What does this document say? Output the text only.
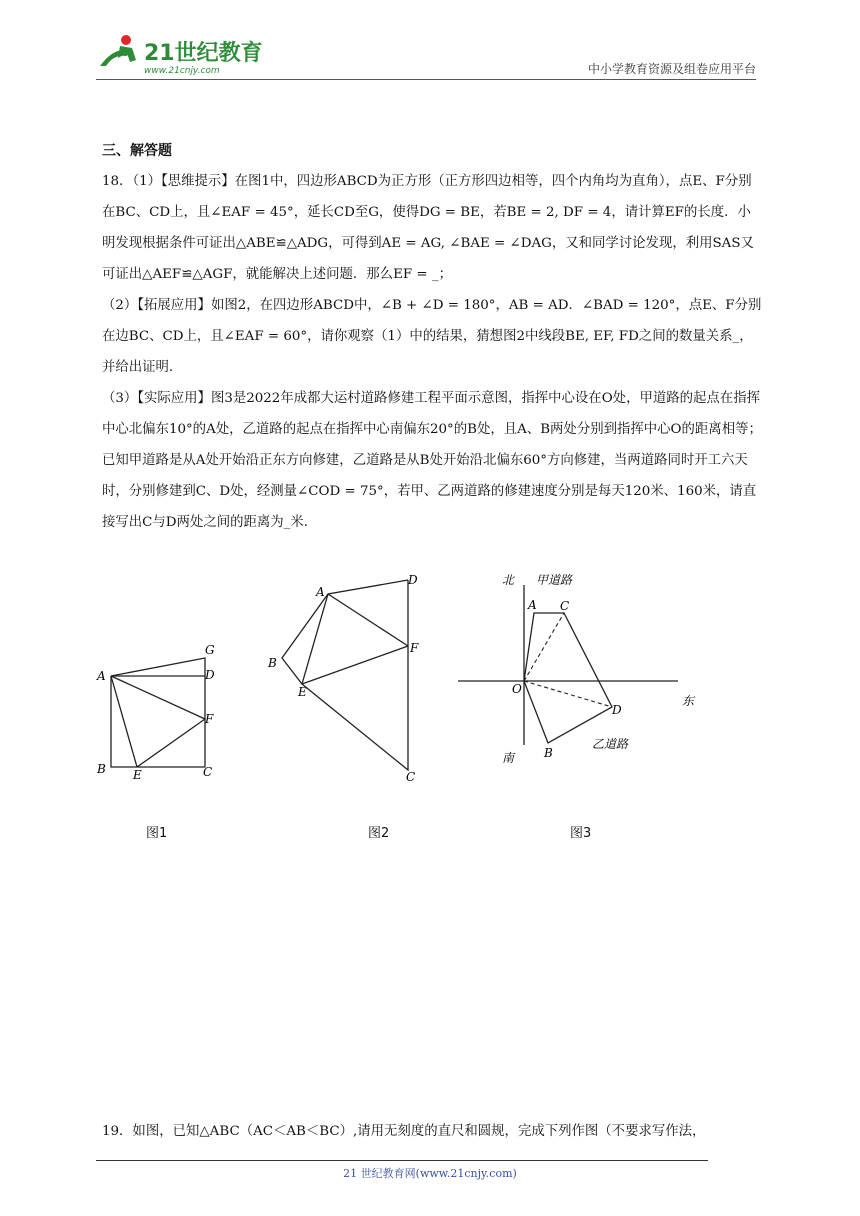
21世纪教育
www.21cnjy.com	中小学教育资源及组卷应用平台
三、解答题

18．（1）【思维提示】在图1中，四边形ABCD为正方形（正方形四边相等，四个内角均为直角），点E、F分别在BC、CD上，且∠EAF = 45°，延长CD至G，使得DG = BE，若BE = 2, DF = 4，请计算EF的长度．小明发现根据条件可证出△ABE≌△ADG，可得到AE = AG, ∠BAE = ∠DAG，又和同学讨论发现，利用SAS又可证出△AEF≌△AGF，就能解决上述问题．那么EF = _；

（2）【拓展应用】如图2，在四边形ABCD中，∠B + ∠D = 180°，AB = AD．∠BAD = 120°，点E、F分别在边BC、CD上，且∠EAF = 60°，请你观察（1）中的结果，猜想图2中线段BE, EF, FD之间的数量关系_，并给出证明．

（3）【实际应用】图3是2022年成都大运村道路修建工程平面示意图，指挥中心设在O处，甲道路的起点在指挥中心北偏东10°的A处，乙道路的起点在指挥中心南偏东20°的B处，且A、B两处分别到指挥中心O的距离相等；已知甲道路是从A处开始沿正东方向修建，乙道路是从B处开始沿北偏东60°方向修建，当两道路同时开工六天时，分别修建到C、D处，经测量∠COD = 75°，若甲、乙两道路的修建速度分别是每天120米、160米，请直接写出C与D两处之间的距离为_米．

A
B	C
D
E
F
G
图1
A
B
C
D
E
F
图2
北 甲道路
A C
O
D
B
乙道路
南
东
图3
19．如图，已知△ABC（AC＜AB＜BC）,请用无刻度的直尺和圆规，完成下列作图（不要求写作法，
21 世纪教育网(www.21cnjy.com)
